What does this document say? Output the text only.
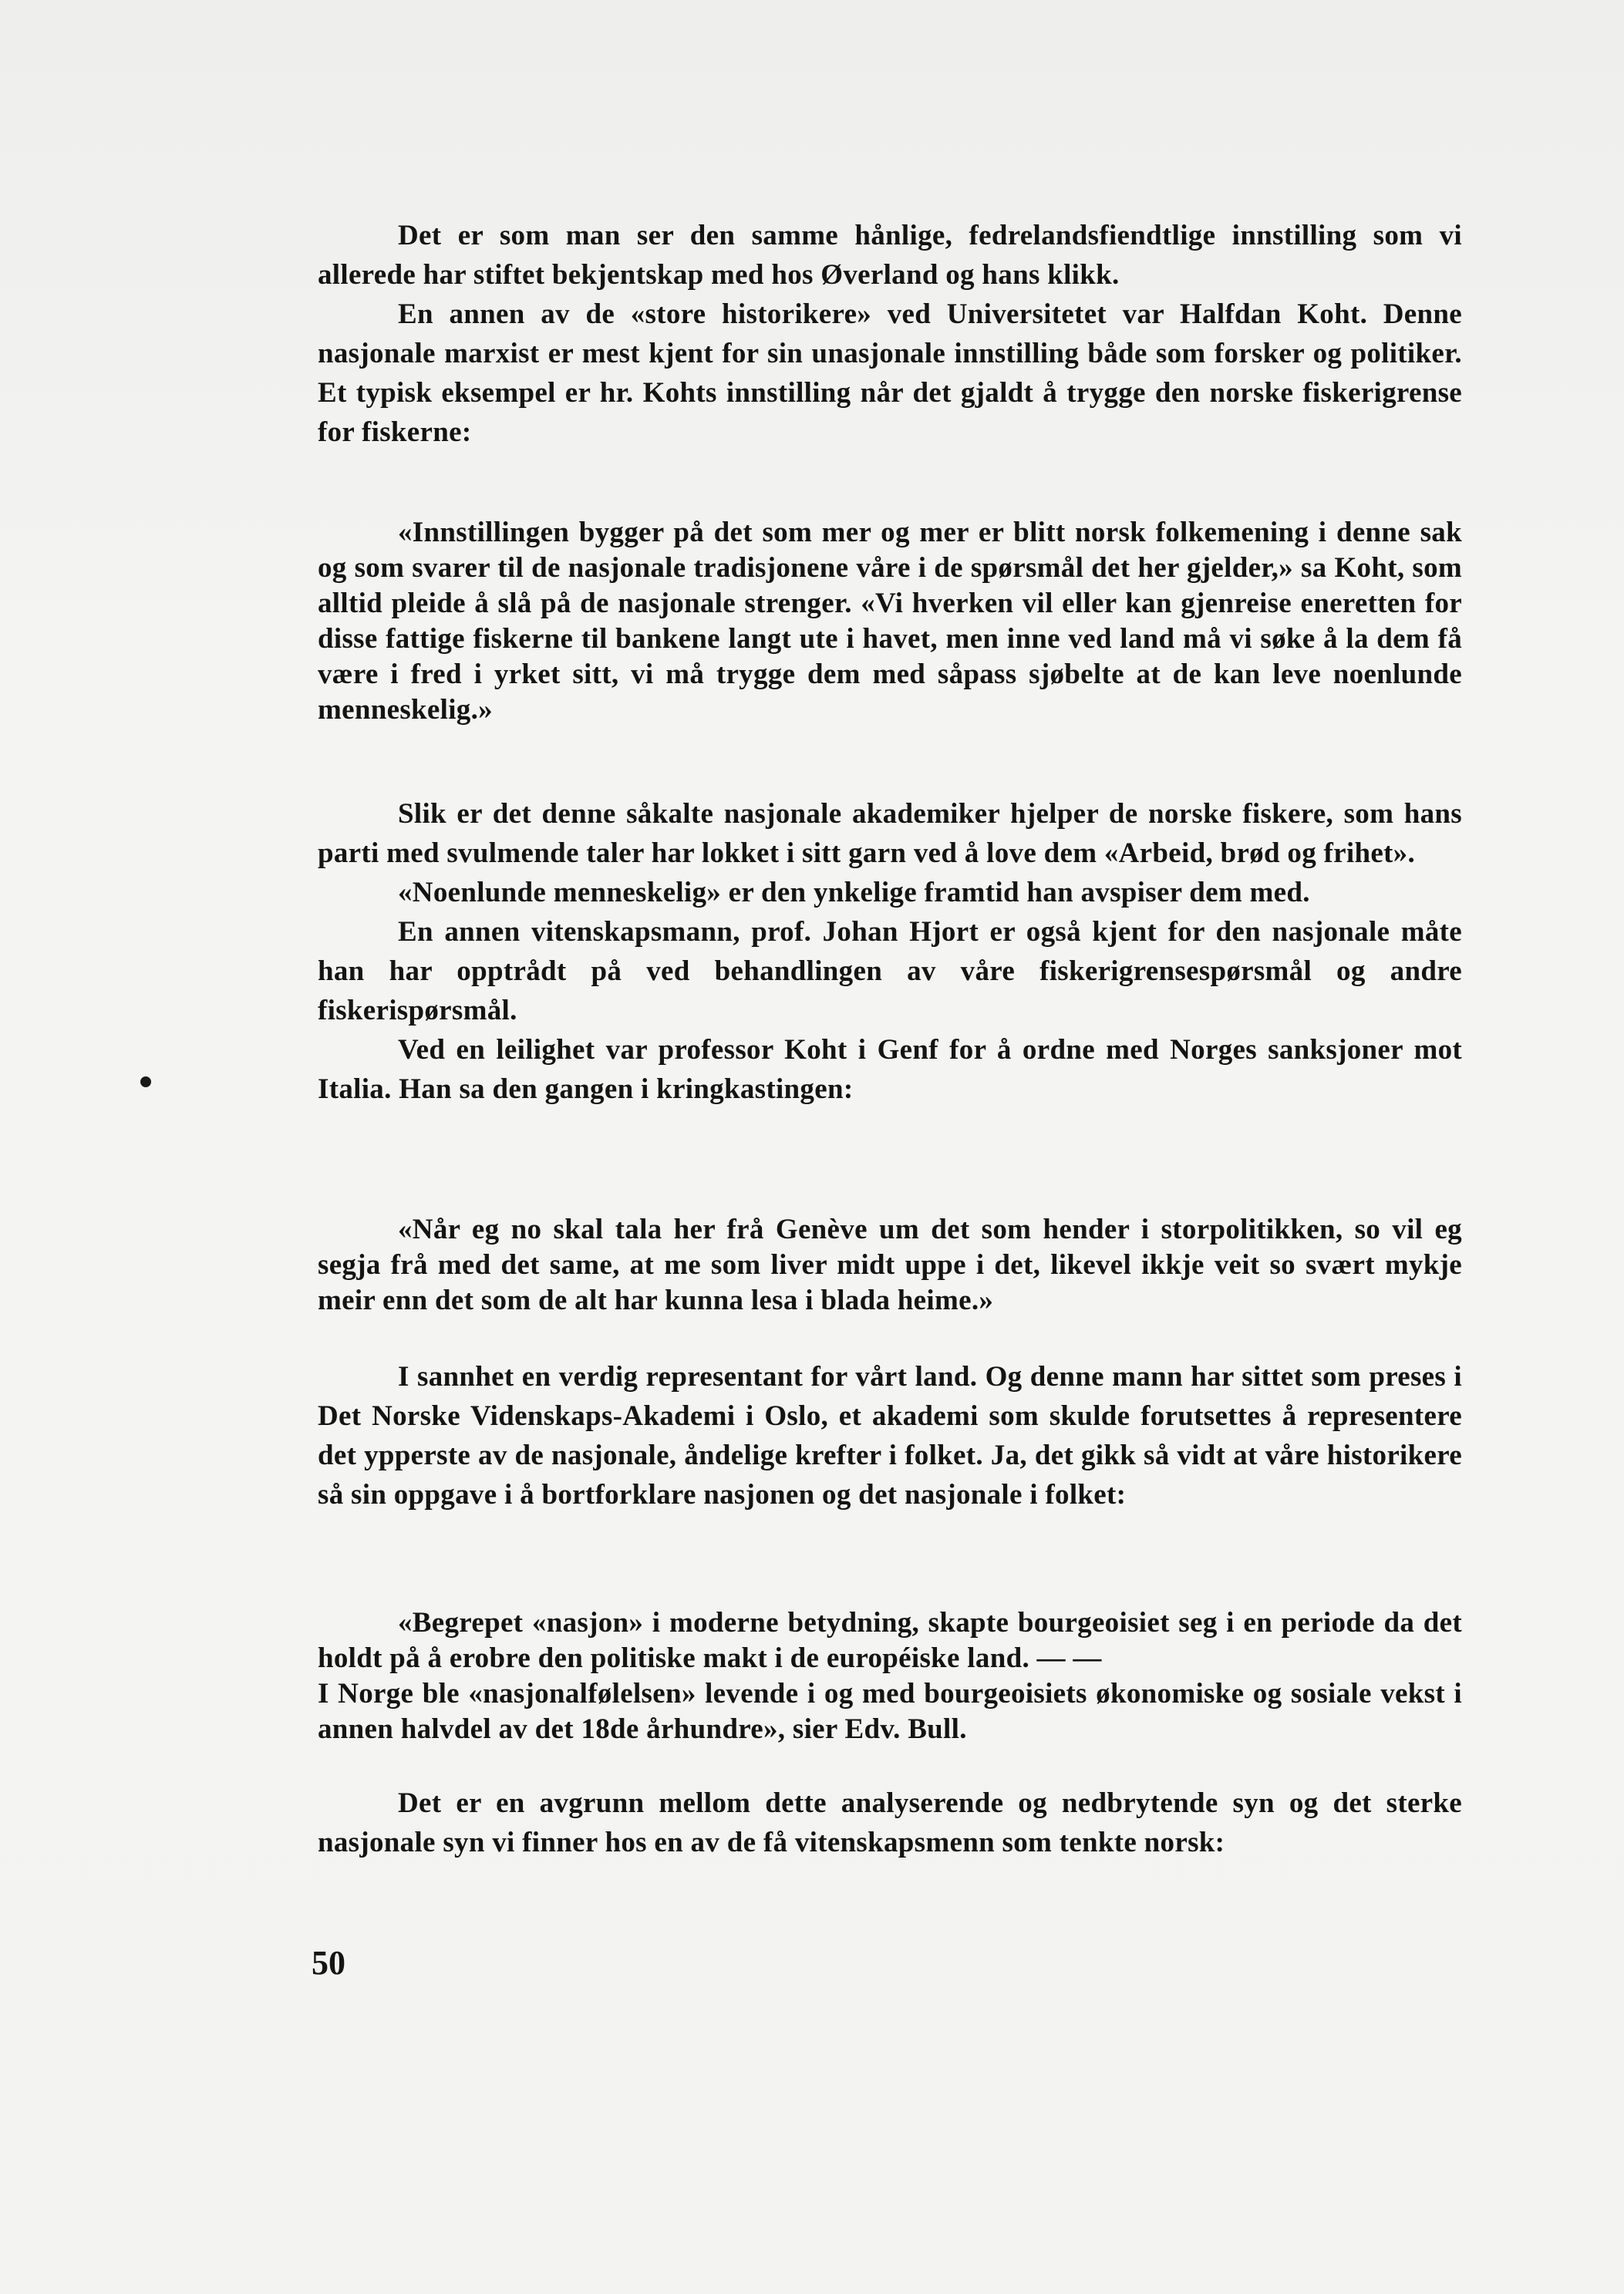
Det er som man ser den samme hånlige, fedrelandsfiendtlige innstilling som vi allerede har stiftet bekjentskap med hos Øverland og hans klikk.

En annen av de «store historikere» ved Universitetet var Halfdan Koht. Denne nasjonale marxist er mest kjent for sin unasjonale innstilling både som forsker og politiker. Et typisk eksempel er hr. Kohts innstilling når det gjaldt å trygge den norske fiskerigrense for fiskerne:

«Innstillingen bygger på det som mer og mer er blitt norsk folkemening i denne sak og som svarer til de nasjonale tradisjonene våre i de spørsmål det her gjelder,» sa Koht, som alltid pleide å slå på de nasjonale strenger. «Vi hverken vil eller kan gjenreise eneretten for disse fattige fiskerne til bankene langt ute i havet, men inne ved land må vi søke å la dem få være i fred i yrket sitt, vi må trygge dem med såpass sjøbelte at de kan leve noenlunde menneskelig.»

Slik er det denne såkalte nasjonale akademiker hjelper de norske fiskere, som hans parti med svulmende taler har lokket i sitt garn ved å love dem «Arbeid, brød og frihet».

«Noenlunde menneskelig» er den ynkelige framtid han avspiser dem med.

En annen vitenskapsmann, prof. Johan Hjort er også kjent for den nasjonale måte han har opptrådt på ved behandlingen av våre fiskerigrensespørsmål og andre fiskerispørsmål.

Ved en leilighet var professor Koht i Genf for å ordne med Norges sanksjoner mot Italia. Han sa den gangen i kringkastingen:

«Når eg no skal tala her frå Genève um det som hender i storpolitikken, so vil eg segja frå med det same, at me som liver midt uppe i det, likevel ikkje veit so svært mykje meir enn det som de alt har kunna lesa i blada heime.»

I sannhet en verdig representant for vårt land. Og denne mann har sittet som preses i Det Norske Videnskaps-Akademi i Oslo, et akademi som skulde forutsettes å representere det ypperste av de nasjonale, åndelige krefter i folket. Ja, det gikk så vidt at våre historikere så sin oppgave i å bortforklare nasjonen og det nasjonale i folket:

«Begrepet «nasjon» i moderne betydning, skapte bourgeoisiet seg i en periode da det holdt på å erobre den politiske makt i de européiske land. — —

I Norge ble «nasjonalfølelsen» levende i og med bourgeoisiets økonomiske og sosiale vekst i annen halvdel av det 18de århundre», sier Edv. Bull.

Det er en avgrunn mellom dette analyserende og nedbrytende syn og det sterke nasjonale syn vi finner hos en av de få vitenskapsmenn som tenkte norsk:

50
